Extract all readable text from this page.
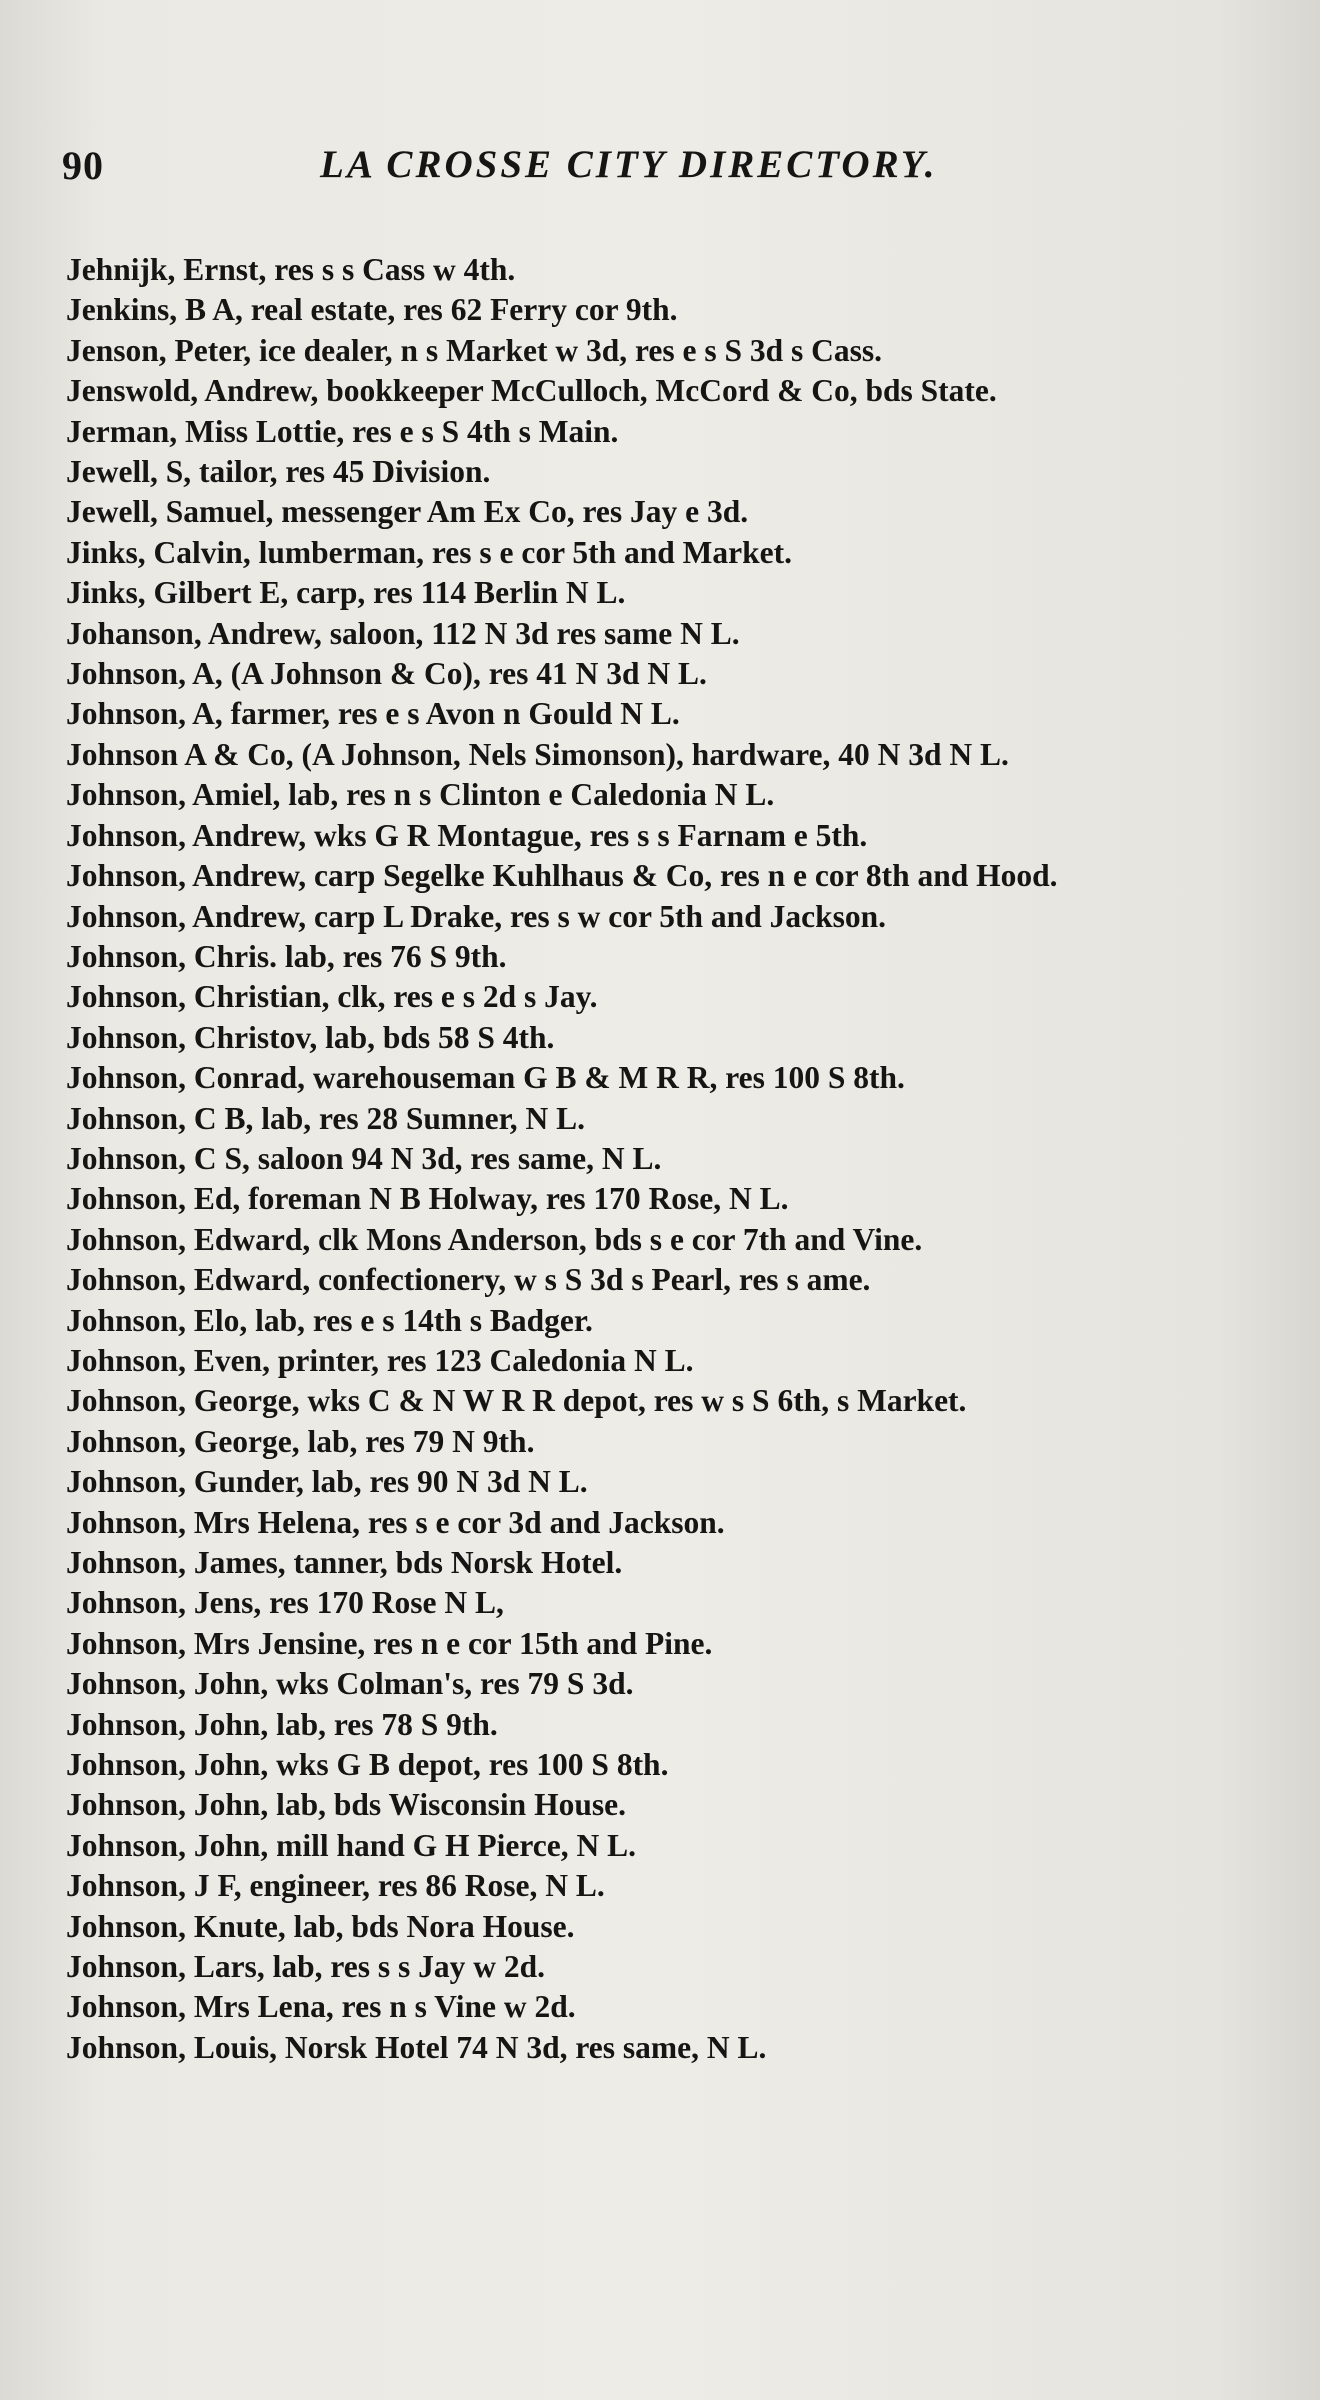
90	LA CROSSE CITY DIRECTORY.
Jehnijk, Ernst, res s s Cass w 4th.
Jenkins, B A, real estate, res 62 Ferry cor 9th.
Jenson, Peter, ice dealer, n s Market w 3d, res e s S 3d s Cass.
Jenswold, Andrew, bookkeeper McCulloch, McCord & Co, bds State.
Jerman, Miss Lottie, res e s S 4th s Main.
Jewell, S, tailor, res 45 Division.
Jewell, Samuel, messenger Am Ex Co, res Jay e 3d.
Jinks, Calvin, lumberman, res s e cor 5th and Market.
Jinks, Gilbert E, carp, res 114 Berlin N L.
Johanson, Andrew, saloon, 112 N 3d res same N L.
Johnson, A, (A Johnson & Co), res 41 N 3d N L.
Johnson, A, farmer, res e s Avon n Gould N L.
Johnson A & Co, (A Johnson, Nels Simonson), hardware, 40 N 3d N L.
Johnson, Amiel, lab, res n s Clinton e Caledonia N L.
Johnson, Andrew, wks G R Montague, res s s Farnam e 5th.
Johnson, Andrew, carp Segelke Kuhlhaus & Co, res n e cor 8th and Hood.
Johnson, Andrew, carp L Drake, res s w cor 5th and Jackson.
Johnson, Chris. lab, res 76 S 9th.
Johnson, Christian, clk, res e s 2d s Jay.
Johnson, Christov, lab, bds 58 S 4th.
Johnson, Conrad, warehouseman G B & M R R, res 100 S 8th.
Johnson, C B, lab, res 28 Sumner, N L.
Johnson, C S, saloon 94 N 3d, res same, N L.
Johnson, Ed, foreman N B Holway, res 170 Rose, N L.
Johnson, Edward, clk Mons Anderson, bds s e cor 7th and Vine.
Johnson, Edward, confectionery, w s S 3d s Pearl, res s ame.
Johnson, Elo, lab, res e s 14th s Badger.
Johnson, Even, printer, res 123 Caledonia N L.
Johnson, George, wks C & N W R R depot, res w s S 6th, s Market.
Johnson, George, lab, res 79 N 9th.
Johnson, Gunder, lab, res 90 N 3d N L.
Johnson, Mrs Helena, res s e cor 3d and Jackson.
Johnson, James, tanner, bds Norsk Hotel.
Johnson, Jens, res 170 Rose N L,
Johnson, Mrs Jensine, res n e cor 15th and Pine.
Johnson, John, wks Colman's, res 79 S 3d.
Johnson, John, lab, res 78 S 9th.
Johnson, John, wks G B depot, res 100 S 8th.
Johnson, John, lab, bds Wisconsin House.
Johnson, John, mill hand G H Pierce, N L.
Johnson, J F, engineer, res 86 Rose, N L.
Johnson, Knute, lab, bds Nora House.
Johnson, Lars, lab, res s s Jay w 2d.
Johnson, Mrs Lena, res n s Vine w 2d.
Johnson, Louis, Norsk Hotel 74 N 3d, res same, N L.
